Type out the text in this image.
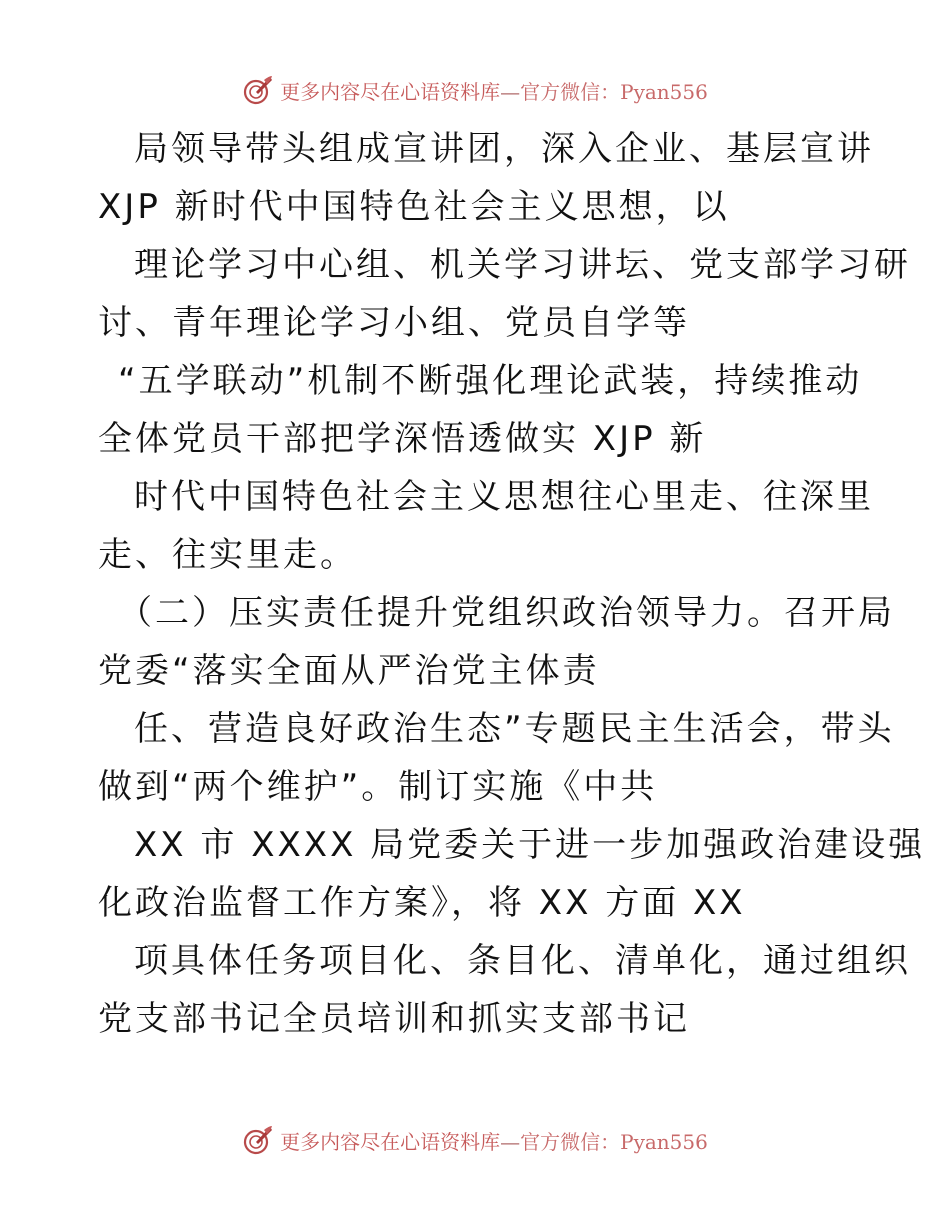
更多内容尽在心语资料库—官方微信：Pyan556
局领导带头组成宣讲团，深入企业、基层宣讲
XJP 新时代中国特色社会主义思想，以
理论学习中心组、机关学习讲坛、党支部学习研
讨、青年理论学习小组、党员自学等
“五学联动”机制不断强化理论武装，持续推动
全体党员干部把学深悟透做实 XJP 新
时代中国特色社会主义思想往心里走、往深里
走、往实里走。
（二）压实责任提升党组织政治领导力。召开局
党委“落实全面从严治党主体责
任、营造良好政治生态”专题民主生活会，带头
做到“两个维护”。制订实施《中共
XX 市 XXXX 局党委关于进一步加强政治建设强
化政治监督工作方案》，将 XX 方面 XX
项具体任务项目化、条目化、清单化，通过组织
党支部书记全员培训和抓实支部书记
更多内容尽在心语资料库—官方微信：Pyan556
